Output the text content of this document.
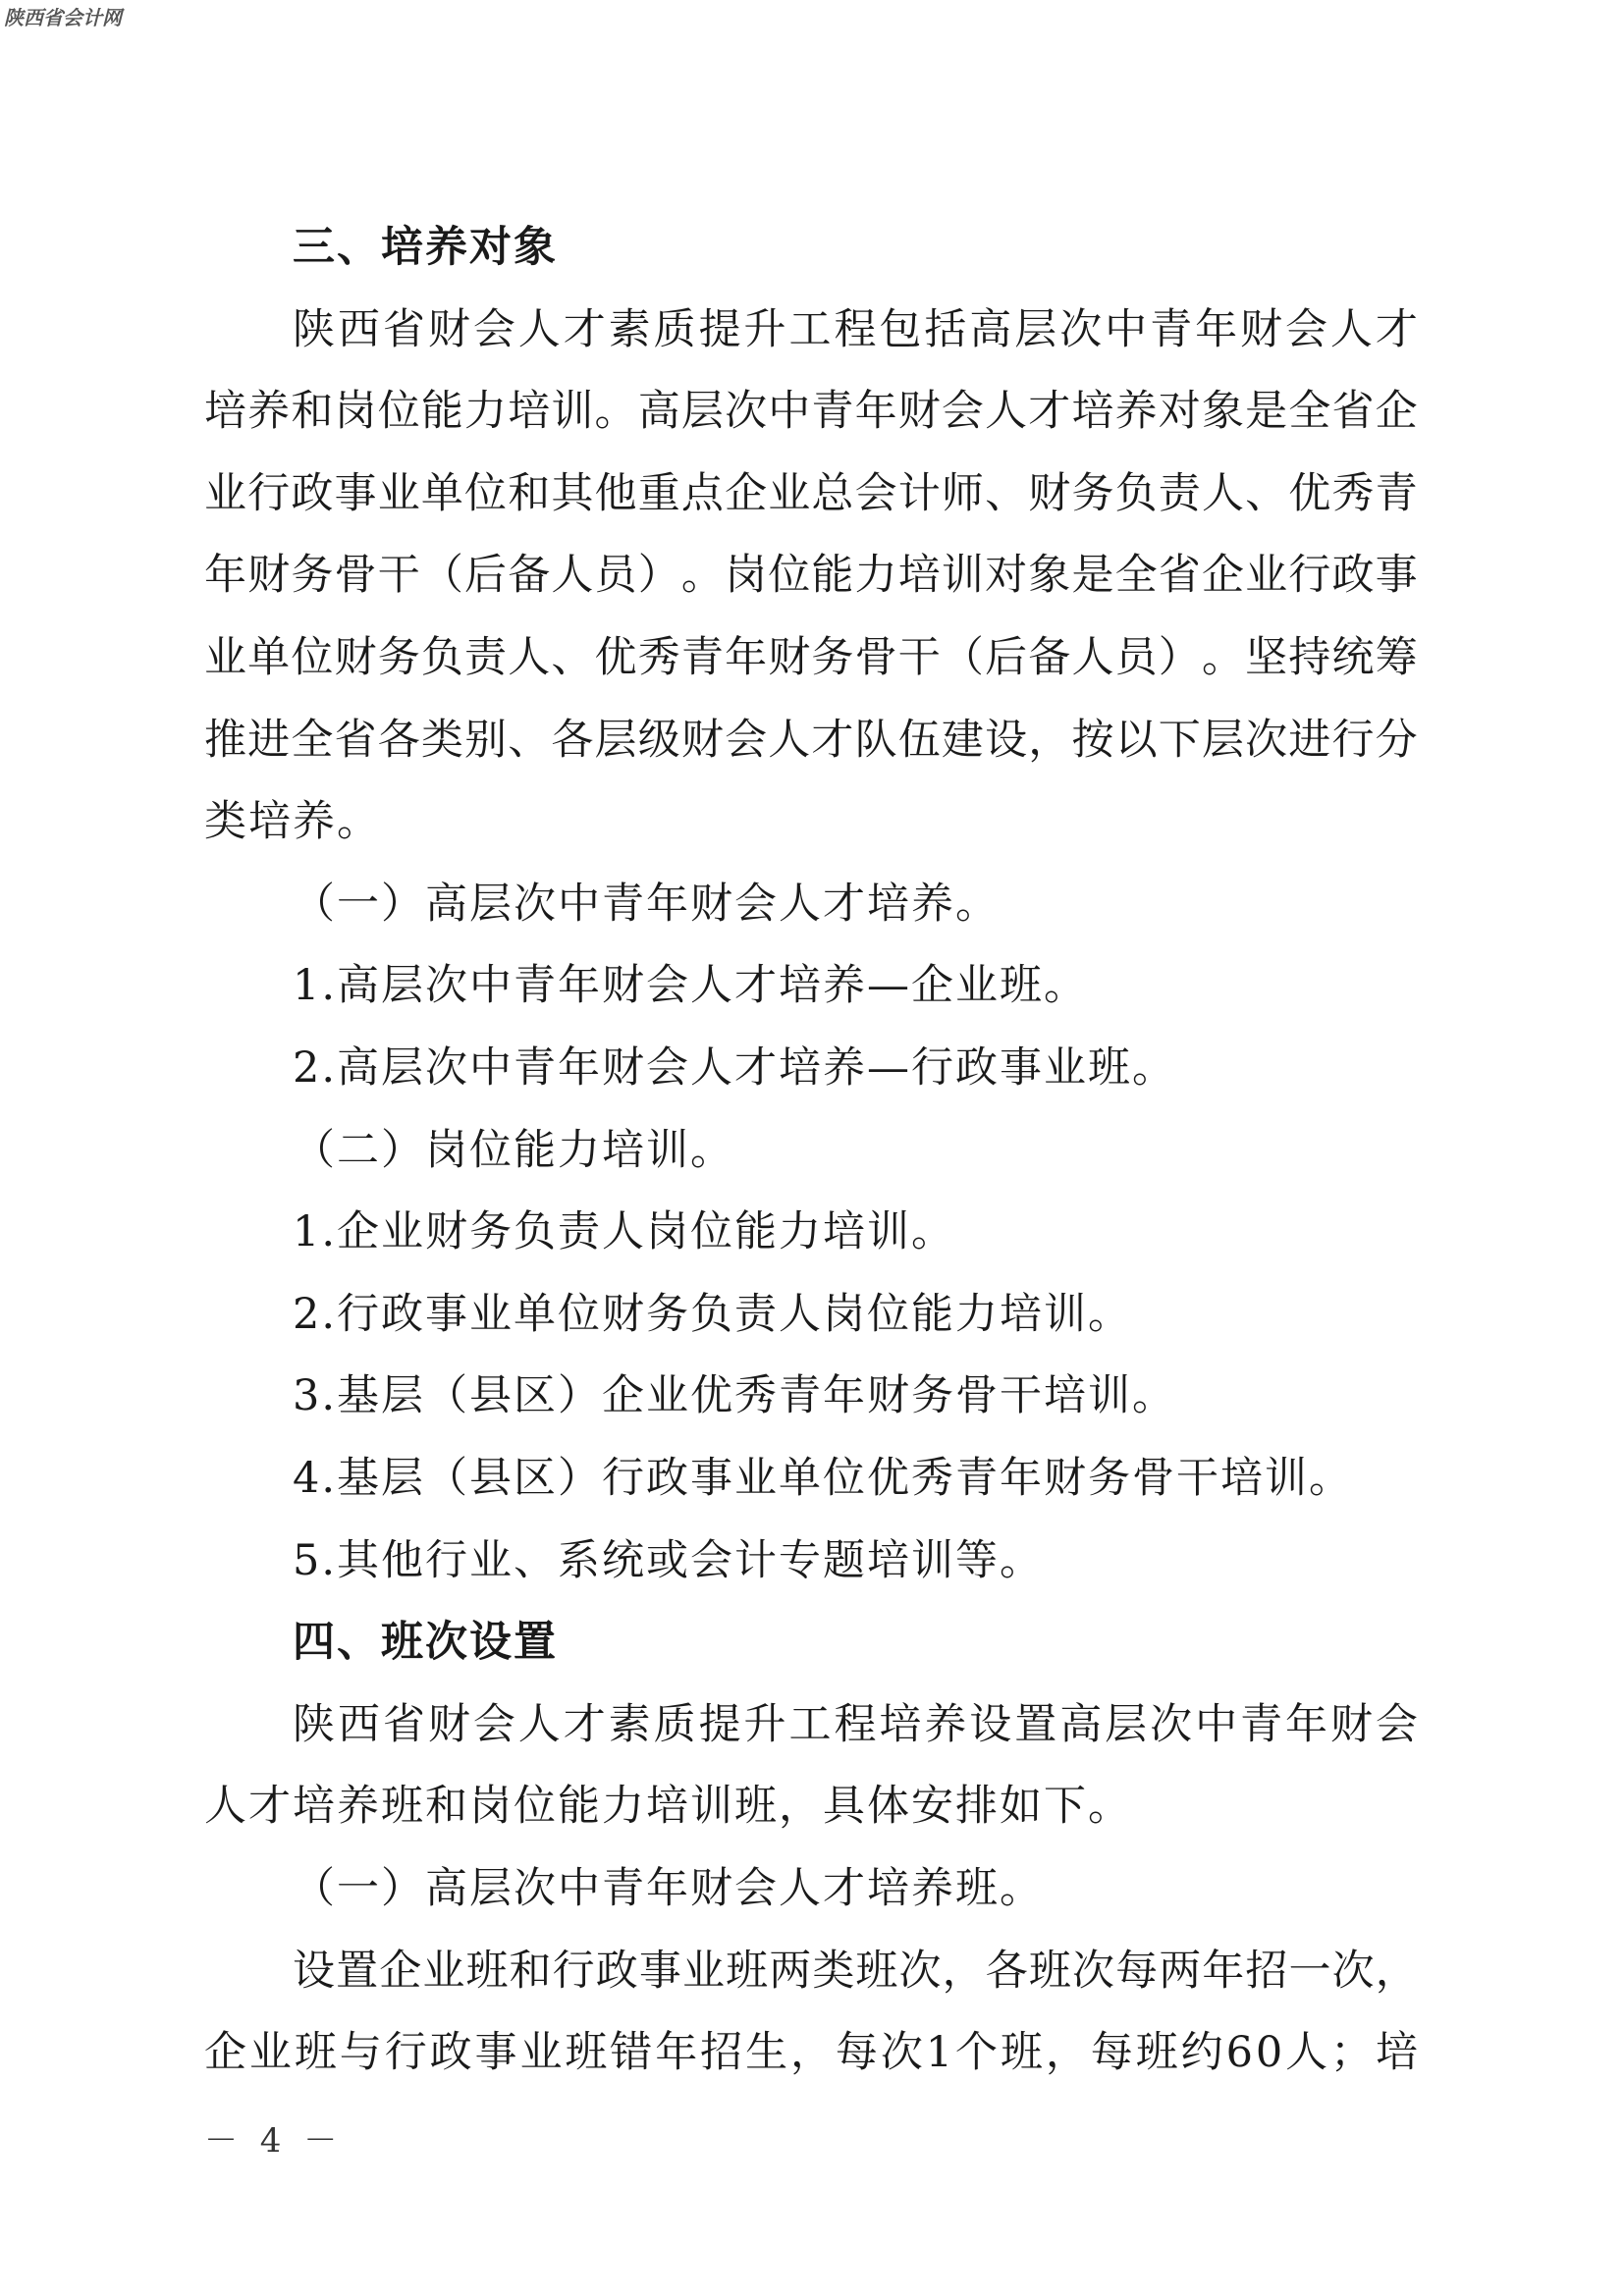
陕西省会计网
三、培养对象
陕 西 省 财 会 人 才 素 质 提 升 工 程 包 括 高 层 次 中 青 年 财 会 人 才
培 养 和 岗 位 能 力 培 训 。 高 层 次 中 青 年 财 会 人 才 培 养 对 象 是 全 省 企
业 行 政 事 业 单 位 和 其 他 重 点 企 业 总 会 计 师 、 财 务 负 责 人 、 优 秀 青
年 财 务 骨 干 （ 后 备 人 员 ） 。 岗 位 能 力 培 训 对 象 是 全 省 企 业 行 政 事
业 单 位 财 务 负 责 人 、 优 秀 青 年 财 务 骨 干 （ 后 备 人 员 ） 。 坚 持 统 筹
推 进 全 省 各 类 别 、 各 层 级 财 会 人 才 队 伍 建 设 ， 按 以 下 层 次 进 行 分
类培养。
（一）高层次中青年财会人才培养。
1.高层次中青年财会人才培养—企业班。
2.高层次中青年财会人才培养—行政事业班。
（二）岗位能力培训。
1.企业财务负责人岗位能力培训。
2.行政事业单位财务负责人岗位能力培训。
3.基层（县区）企业优秀青年财务骨干培训。
4.基层（县区）行政事业单位优秀青年财务骨干培训。
5.其他行业、系统或会计专题培训等。
四、班次设置
陕 西 省 财 会 人 才 素 质 提 升 工 程 培 养 设 置 高 层 次 中 青 年 财 会
人才培养班和岗位能力培训班，具体安排如下。
（一）高层次中青年财会人才培养班。
设 置 企 业 班 和 行 政 事 业 班 两 类 班 次 ， 各 班 次 每 两 年 招 一 次 ，
企 业 班 与 行 政 事 业 班 错 年 招 生 ， 每 次 1 个 班 ， 每 班 约 6 0 人 ； 培
－ 4 －
